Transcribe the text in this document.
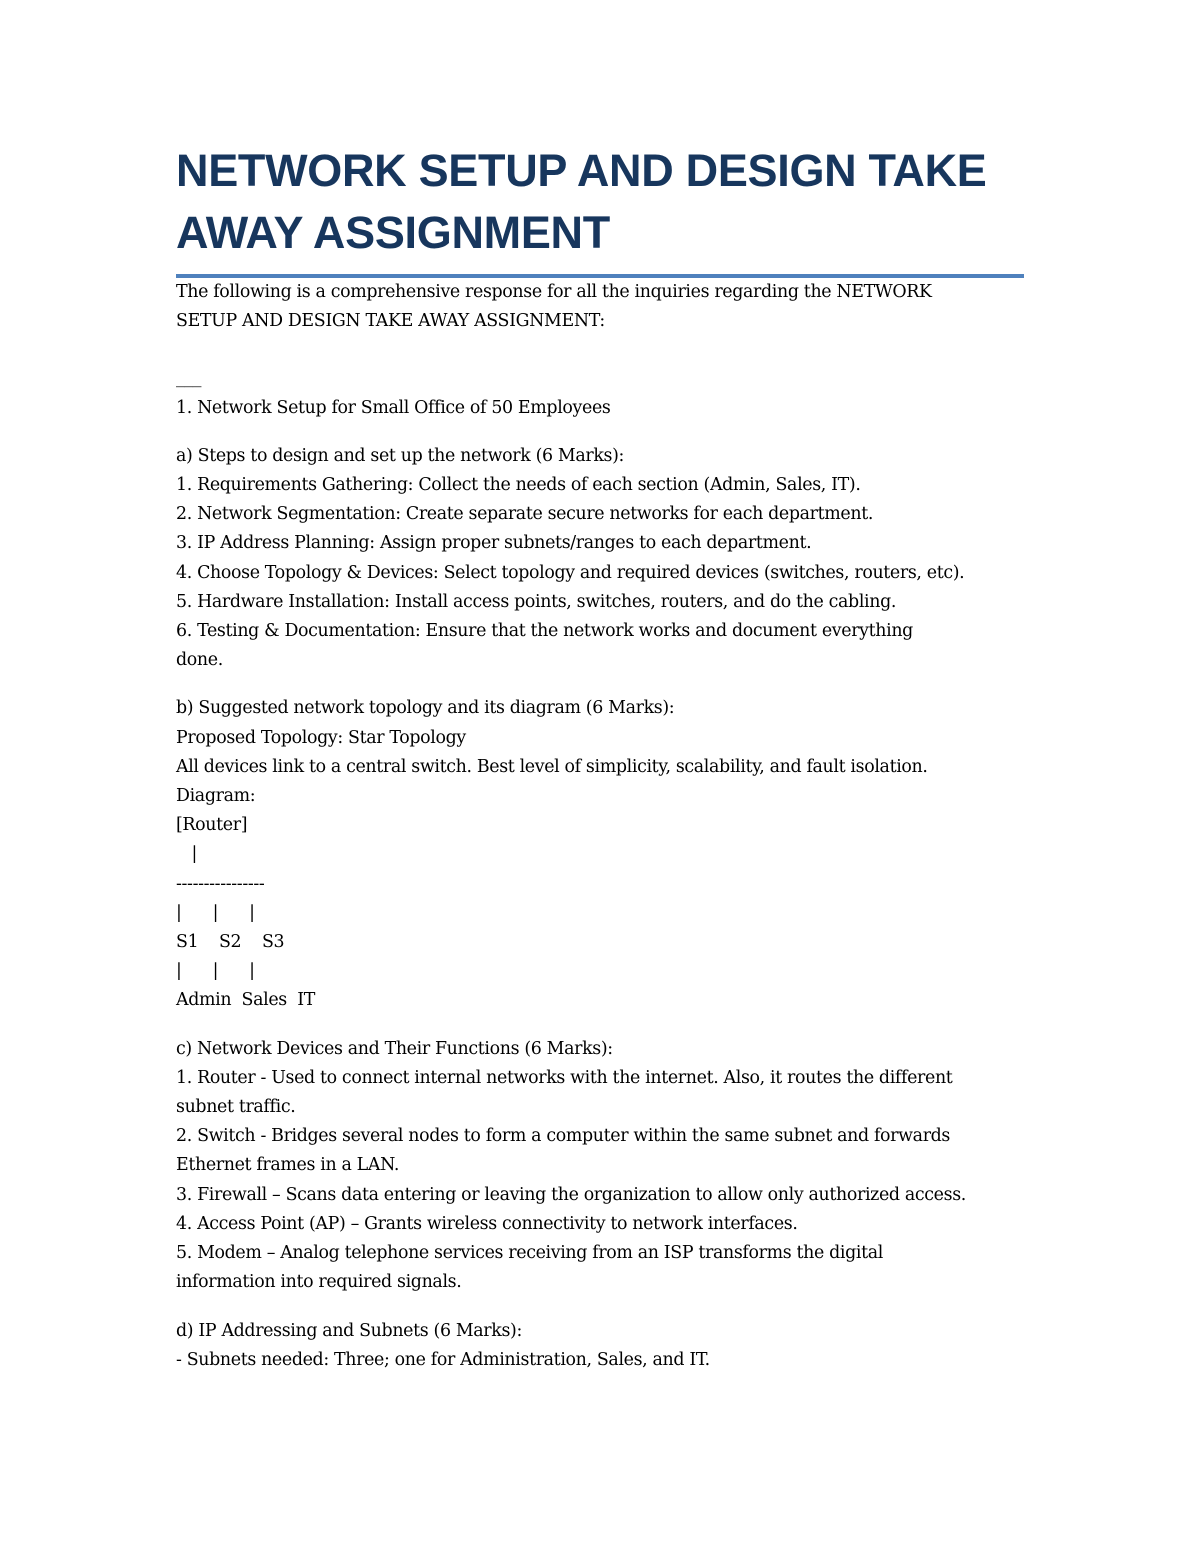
NETWORK SETUP AND DESIGN TAKE
AWAY ASSIGNMENT

The following is a comprehensive response for all the inquiries regarding the NETWORK

SETUP AND DESIGN TAKE AWAY ASSIGNMENT:

___

1. Network Setup for Small Office of 50 Employees

a) Steps to design and set up the network (6 Marks):

1. Requirements Gathering: Collect the needs of each section (Admin, Sales, IT).

2. Network Segmentation: Create separate secure networks for each department.

3. IP Address Planning: Assign proper subnets/ranges to each department.

4. Choose Topology & Devices: Select topology and required devices (switches, routers, etc).

5. Hardware Installation: Install access points, switches, routers, and do the cabling.

6. Testing & Documentation: Ensure that the network works and document everything

done.

b) Suggested network topology and its diagram (6 Marks):

Proposed Topology: Star Topology

All devices link to a central switch. Best level of simplicity, scalability, and fault isolation.

Diagram:

[Router]

|

----------------

|      |      |

S1    S2    S3

|      |      |

Admin  Sales  IT

c) Network Devices and Their Functions (6 Marks):

1. Router - Used to connect internal networks with the internet. Also, it routes the different

subnet traffic.

2. Switch - Bridges several nodes to form a computer within the same subnet and forwards

Ethernet frames in a LAN.

3. Firewall – Scans data entering or leaving the organization to allow only authorized access.

4. Access Point (AP) – Grants wireless connectivity to network interfaces.

5. Modem – Analog telephone services receiving from an ISP transforms the digital

information into required signals.

d) IP Addressing and Subnets (6 Marks):

- Subnets needed: Three; one for Administration, Sales, and IT.
